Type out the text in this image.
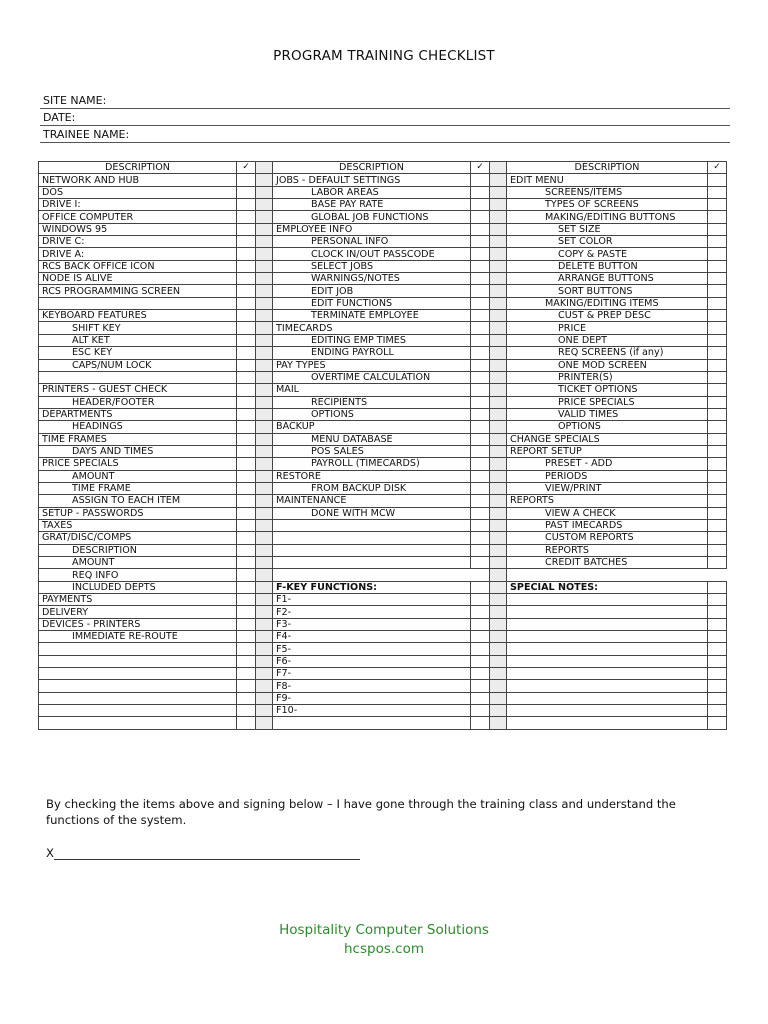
PROGRAM TRAINING CHECKLIST
SITE NAME:
DATE:
TRAINEE NAME:
DESCRIPTION	✓		DESCRIPTION	✓		DESCRIPTION	✓
NETWORK AND HUB			JOBS - DEFAULT SETTINGS			EDIT MENU	
DOS			LABOR AREAS			SCREENS/ITEMS	
DRIVE I:			BASE PAY RATE			TYPES OF SCREENS	
OFFICE COMPUTER			GLOBAL JOB FUNCTIONS			MAKING/EDITING BUTTONS	
WINDOWS 95			EMPLOYEE INFO			SET SIZE	
DRIVE C:			PERSONAL INFO			SET COLOR	
DRIVE A:			CLOCK IN/OUT PASSCODE			COPY & PASTE	
RCS BACK OFFICE ICON			SELECT JOBS			DELETE BUTTON	
NODE IS ALIVE			WARNINGS/NOTES			ARRANGE BUTTONS	
RCS PROGRAMMING SCREEN			EDIT JOB			SORT BUTTONS	
			EDIT FUNCTIONS			MAKING/EDITING ITEMS	
KEYBOARD FEATURES			TERMINATE EMPLOYEE			CUST & PREP DESC	
SHIFT KEY			TIMECARDS			PRICE	
ALT KET			EDITING EMP TIMES			ONE DEPT	
ESC KEY			ENDING PAYROLL			REQ SCREENS (if any)	
CAPS/NUM LOCK			PAY TYPES			ONE MOD SCREEN	
			OVERTIME CALCULATION			PRINTER(S)	
PRINTERS - GUEST CHECK			MAIL			TICKET OPTIONS	
HEADER/FOOTER			RECIPIENTS			PRICE SPECIALS	
DEPARTMENTS			OPTIONS			VALID TIMES	
HEADINGS			BACKUP			OPTIONS	
TIME FRAMES			MENU DATABASE			CHANGE SPECIALS	
DAYS AND TIMES			POS SALES			REPORT SETUP	
PRICE SPECIALS			PAYROLL (TIMECARDS)			PRESET - ADD	
AMOUNT			RESTORE			PERIODS	
TIME FRAME			FROM BACKUP DISK			VIEW/PRINT	
ASSIGN TO EACH ITEM			MAINTENANCE			REPORTS	
SETUP - PASSWORDS			DONE WITH MCW			VIEW A CHECK	
TAXES						PAST IMECARDS	
GRAT/DISC/COMPS						CUSTOM REPORTS	
DESCRIPTION						REPORTS	
AMOUNT						CREDIT BATCHES	
REQ INFO							
INCLUDED DEPTS			F-KEY FUNCTIONS:			SPECIAL NOTES:	
PAYMENTS			F1-				
DELIVERY			F2-				
DEVICES - PRINTERS			F3-				
IMMEDIATE RE-ROUTE			F4-				
			F5-				
			F6-				
			F7-				
			F8-				
			F9-				
			F10-				

By checking the items above and signing below – I have gone through the training class and understand the functions of the system.
X
Hospitality Computer Solutions
hcspos.com
